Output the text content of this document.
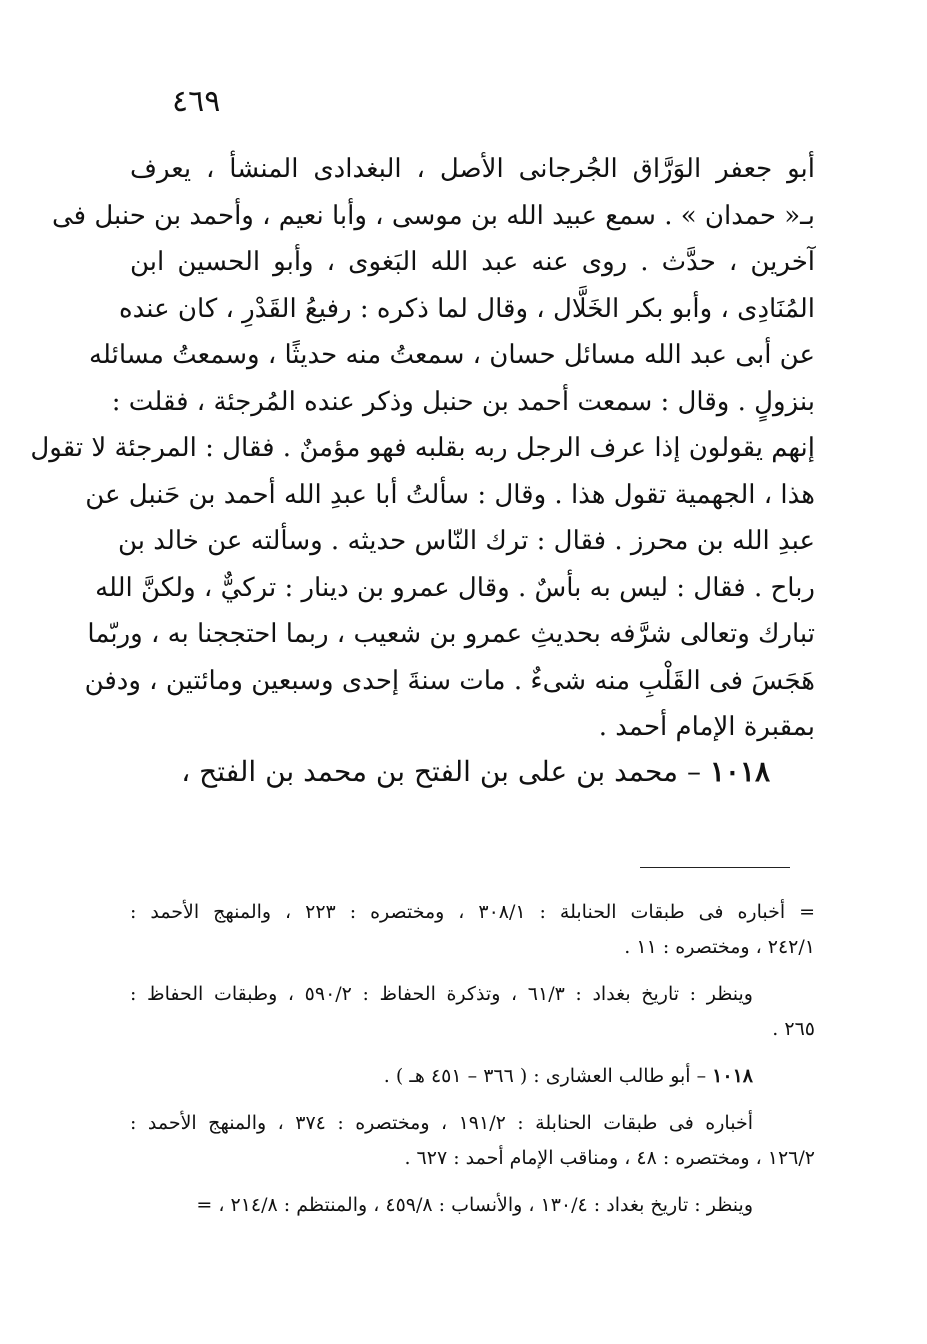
٤٦٩
أبو جعفر الوَرَّاق الجُرجانى الأصل ، البغدادى المنشأ ، يعرف
بـ« حمدان » . سمع عبيد الله بن موسى ، وأبا نعيم ، وأحمد بن حنبل فى
آخرين ، حدَّث . روى عنه عبد الله البَغوى ، وأبو الحسين ابن
المُنَادِى ، وأبو بكر الخَلَّال ، وقال لما ذكره : رفيعُ القَدْرِ ، كان عنده
عن أبى عبد الله مسائل حسان ، سمعتُ منه حديثًا ، وسمعتُ مسائله
بنزولٍ . وقال : سمعت أحمد بن حنبل وذكر عنده المُرجئة ، فقلت :
إنهم يقولون إذا عرف الرجل ربه بقلبه فهو مؤمنٌ . فقال : المرجئة لا تقول
هذا ، الجهمية تقول هذا . وقال : سألتُ أبا عبدِ الله أحمد بن حَنبل عن
عبدِ الله بن محرز . فقال : ترك النّاس حديثه . وسألته عن خالد بن
رباح . فقال : ليس به بأسٌ . وقال عمرو بن دينار : تركيٌّ ، ولكنَّ الله
تبارك وتعالى شرَّفه بحديثِ عمرو بن شعيب ، ربما احتججنا به ، وربّما
هَجَسَ فى القَلْبِ منه شىءٌ . مات سنةَ إحدى وسبعين ومائتين ، ودفن
بمقبرة الإمام أحمد .
١٠١٨ – محمد بن على بن الفتح بن محمد بن الفتح ،
= أخباره فى طبقات الحنابلة : ٣٠٨/١ ، ومختصره : ٢٢٣ ، والمنهج الأحمد :
٢٤٢/١ ، ومختصره : ١١ .
وينظر : تاريخ بغداد : ٦١/٣ ، وتذكرة الحفاظ : ٥٩٠/٢ ، وطبقات الحفاظ :
٢٦٥ .
١٠١٨ – أبو طالب العشارى : ( ٣٦٦ – ٤٥١ هـ ) .
أخباره فى طبقات الحنابلة : ١٩١/٢ ، ومختصره : ٣٧٤ ، والمنهج الأحمد :
١٢٦/٢ ، ومختصره : ٤٨ ، ومناقب الإمام أحمد : ٦٢٧ .
وينظر : تاريخ بغداد : ١٣٠/٤ ، والأنساب : ٤٥٩/٨ ، والمنتظم : ٢١٤/٨ ، =
